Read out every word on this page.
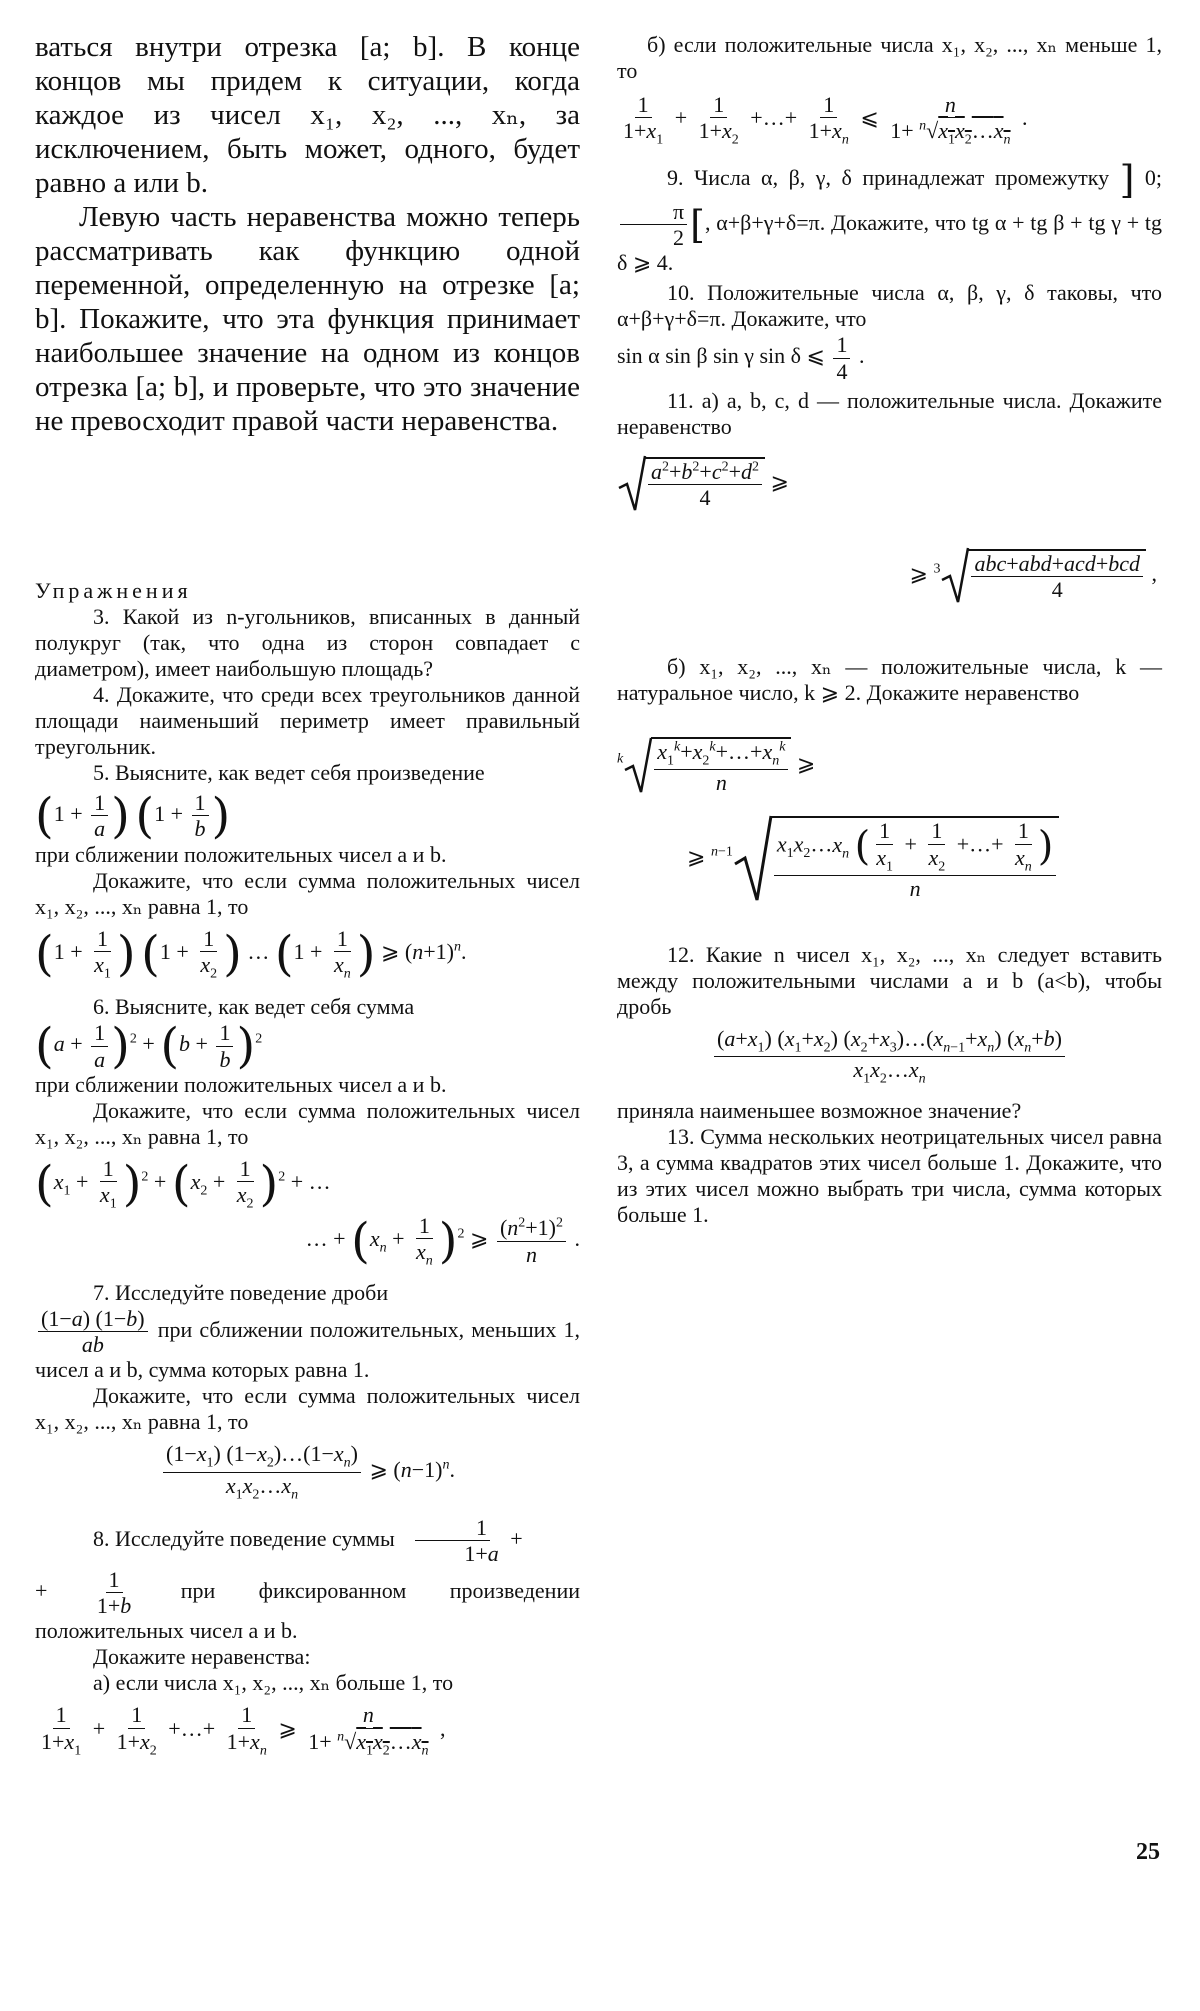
ваться внутри отрезка [a; b]. В конце концов мы придем к ситуации, когда каждое из чисел x₁, x₂, ..., xₙ, за исключением, быть может, одного, будет равно a или b.

Левую часть неравенства можно теперь рассматривать как функцию одной переменной, определенную на отрезке [a; b]. Покажите, что эта функция принимает наибольшее значение на одном из концов отрезка [a; b], и проверьте, что это значение не превосходит правой части неравенства.

Упражнения

3. Какой из n-угольников, вписанных в данный полукруг (так, что одна из сторон совпадает с диаметром), имеет наибольшую площадь?

4. Докажите, что среди всех треугольников данной площади наименьший периметр имеет правильный треугольник.

5. Выясните, как ведет себя произведение

($1 + \frac{1}{a}$ ) ($1 + \frac{1}{b}$ )

при сближении положительных чисел a и b.

Докажите, что если сумма положительных чисел x₁, x₂, ..., xₙ равна 1, то

($1 + \frac{1}{x_1}$ ) ($1 + \frac{1}{x_2}$ ) … ($1 + \frac{1}{x_n}$ ) ⩾ $(n+1)^n$.

6. Выясните, как ведет себя сумма

$(a + \frac{1}{a} )^2 + (b + \frac{1}{b} )^2$

при сближении положительных чисел a и b.

Докажите, что если сумма положительных чисел x₁, x₂, ..., xₙ равна 1, то

$(x_1 + \frac{1}{x_1} )^2 + (x_2 + \frac{1}{x_2} )^2$ + …

… + $(x_n + \frac{1}{x_n} )^2$ ⩾ $\frac{(n^2+1)^2}{n}$ .

7. Исследуйте поведение дроби

$\frac{(1-a) (1-b)}{ab}$ при сближении положительных, меньших 1, чисел a и b, сумма которых равна 1.

Докажите, что если сумма положительных чисел x₁, x₂, ..., xₙ равна 1, то

$\frac{(1-x_1) (1-x_2)\dots(1-x_n)}{x_1x_2\dots x_n}$ ⩾ $(n-1)^n$.

8. Исследуйте поведение суммы $\frac{1}{1+a}$ +

+ $\frac{1}{1+b}$ при фиксированном произведении положительных чисел a и b.

Докажите неравенства:

а) если числа x₁, x₂, ..., xₙ больше 1, то

$\frac{1}{1+x_1} + \frac{1}{1+x_2}$ +…+ $\frac{1}{1+x_n}$ ⩾ $\frac{n}{1+ ^n√x_1x_2\dots x_n}$ ,

б) если положительные числа x₁, x₂, ..., xₙ меньше 1, то

$\frac{1}{1+x_1} + \frac{1}{1+x_2}$ +…+ $\frac{1}{1+x_n}$ ⩽ $\frac{n}{1+ ^n√x_1x_2\dots x_n}$ .

9. Числа α, β, γ, δ принадлежат промежутку ] 0;
$\frac{\pi}{2}$ [, α+β+γ+δ=π. Докажите, что tg α + tg β + tg γ + tg δ ⩾ 4.

10. Положительные числа α, β, γ, δ таковы, что α+β+γ+δ=π. Докажите, что

sin α sin β sin γ sin δ ⩽ $\frac{1}{4}$ .

11. а) a, b, c, d — положительные числа. Докажите неравенство

$\frac{a^2+b^2+c^2+d^2}{4}$ ⩾
⩾ $^3$ abc+abd+acd+bcd
4
,

б) x₁, x₂, ..., xₙ — положительные числа, k — натуральное число, k ⩾ 2. Докажите неравенство

$^k$ $x_1^k+x_2^k+\dots+x_n^k$
n
⩾
⩾ $^{n-1} \frac{x_1x_2\dots x_n ( \frac{1}{x_1} + \frac{1}{x_2} +\dots+ \frac{1}{x_n} )}{n}$

12. Какие n чисел x₁, x₂, ..., xₙ следует вставить между положительными числами a и b (a<b), чтобы дробь

$\frac{(a+x_1) (x_1+x_2) (x_2+x_3)\dots(x_{n-1}+x_n) (x_n+b)}{x_1x_2\dots x_n}$

приняла наименьшее возможное значение?

13. Сумма нескольких неотрицательных чисел равна 3, а сумма квадратов этих чисел больше 1. Докажите, что из этих чисел можно выбрать три числа, сумма которых больше 1.

25
